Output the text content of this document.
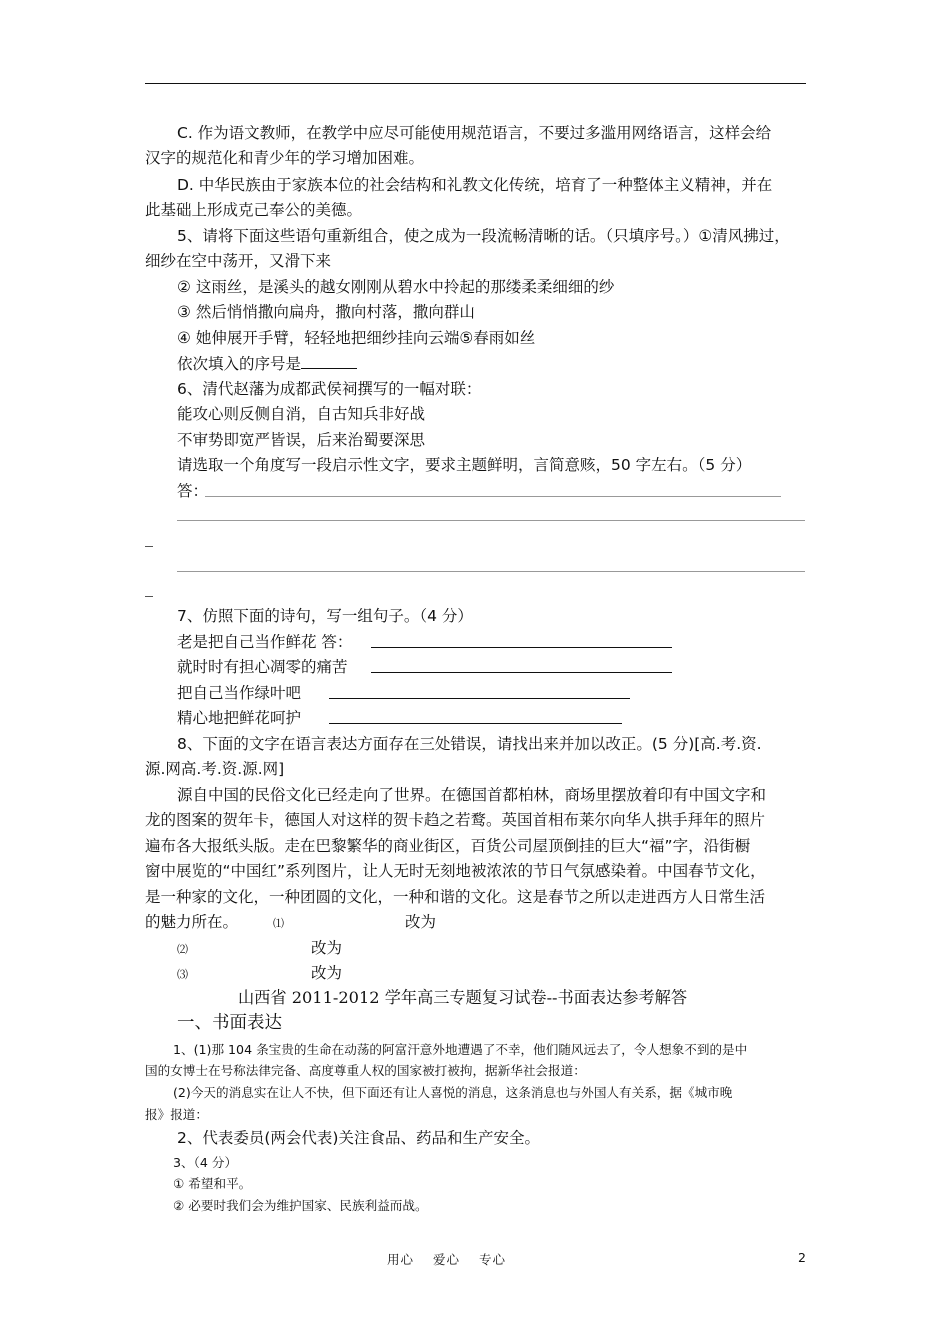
C. 作为语文教师，在教学中应尽可能使用规范语言，不要过多滥用网络语言，这样会给
汉字的规范化和青少年的学习增加困难。
D. 中华民族由于家族本位的社会结构和礼教文化传统，培育了一种整体主义精神，并在
此基础上形成克己奉公的美德。
5、请将下面这些语句重新组合，使之成为一段流畅清晰的话。（只填序号。）①清风拂过，
细纱在空中荡开，又滑下来
② 这雨丝，是溪头的越女刚刚从碧水中拎起的那缕柔柔细细的纱
③ 然后悄悄撒向扁舟，撒向村落，撒向群山
④ 她伸展开手臂，轻轻地把细纱挂向云端⑤春雨如丝
依次填入的序号是
6、清代赵藩为成都武侯祠撰写的一幅对联：
能攻心则反侧自消，自古知兵非好战
不审势即宽严皆误，后来治蜀要深思
请选取一个角度写一段启示性文字，要求主题鲜明，言简意赅，50 字左右。（5 分）
答：
7、仿照下面的诗句，写一组句子。（4 分）
老是把自己当作鲜花 答：
就时时有担心凋零的痛苦
把自己当作绿叶吧
精心地把鲜花呵护
8、下面的文字在语言表达方面存在三处错误，请找出来并加以改正。(5 分)[高.考.资.
源.网高.考.资.源.网]
源自中国的民俗文化已经走向了世界。在德国首都柏林，商场里摆放着印有中国文字和
龙的图案的贺年卡，德国人对这样的贺卡趋之若鹜。英国首相布莱尔向华人拱手拜年的照片
遍布各大报纸头版。走在巴黎繁华的商业街区，百货公司屋顶倒挂的巨大“福”字，沿街橱
窗中展览的“中国红”系列图片，让人无时无刻地被浓浓的节日气氛感染着。中国春节文化，
是一种家的文化，一种团圆的文化，一种和谐的文化。这是春节之所以走进西方人日常生活
的魅力所在。	⑴	改为
⑵	改为
⑶	改为
山西省 2011-2012 学年高三专题复习试卷--书面表达参考解答
一、书面表达
1、(1)那 104 条宝贵的生命在动荡的阿富汗意外地遭遇了不幸，他们随风远去了，令人想象不到的是中
国的女博士在号称法律完备、高度尊重人权的国家被打被拘，据新华社会报道：
(2)今天的消息实在让人不快，但下面还有让人喜悦的消息，这条消息也与外国人有关系，据《城市晚
报》报道：
2、代表委员(两会代表)关注食品、药品和生产安全。
3、（4 分）
① 希望和平。
② 必要时我们会为维护国家、民族利益而战。
用心 爱心 专心	2
